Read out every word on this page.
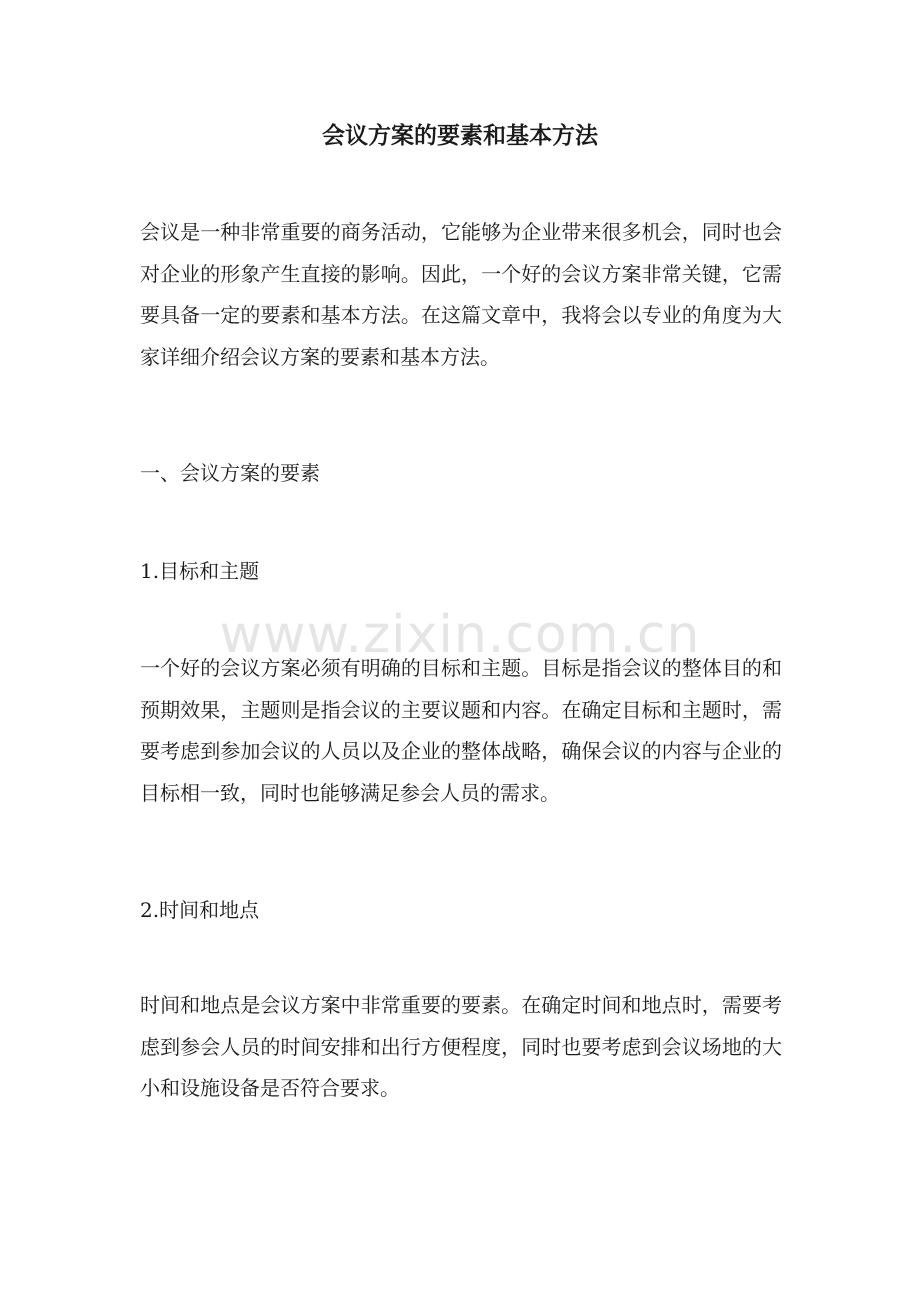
会议方案的要素和基本方法

会议是一种非常重要的商务活动，它能够为企业带来很多机会，同时也会对企业的形象产生直接的影响。因此，一个好的会议方案非常关键，它需要具备一定的要素和基本方法。在这篇文章中，我将会以专业的角度为大家详细介绍会议方案的要素和基本方法。

一、会议方案的要素
1.目标和主题

一个好的会议方案必须有明确的目标和主题。目标是指会议的整体目的和预期效果，主题则是指会议的主要议题和内容。在确定目标和主题时，需要考虑到参加会议的人员以及企业的整体战略，确保会议的内容与企业的目标相一致，同时也能够满足参会人员的需求。

2.时间和地点

时间和地点是会议方案中非常重要的要素。在确定时间和地点时，需要考虑到参会人员的时间安排和出行方便程度，同时也要考虑到会议场地的大小和设施设备是否符合要求。

www.zixin.com.cn
